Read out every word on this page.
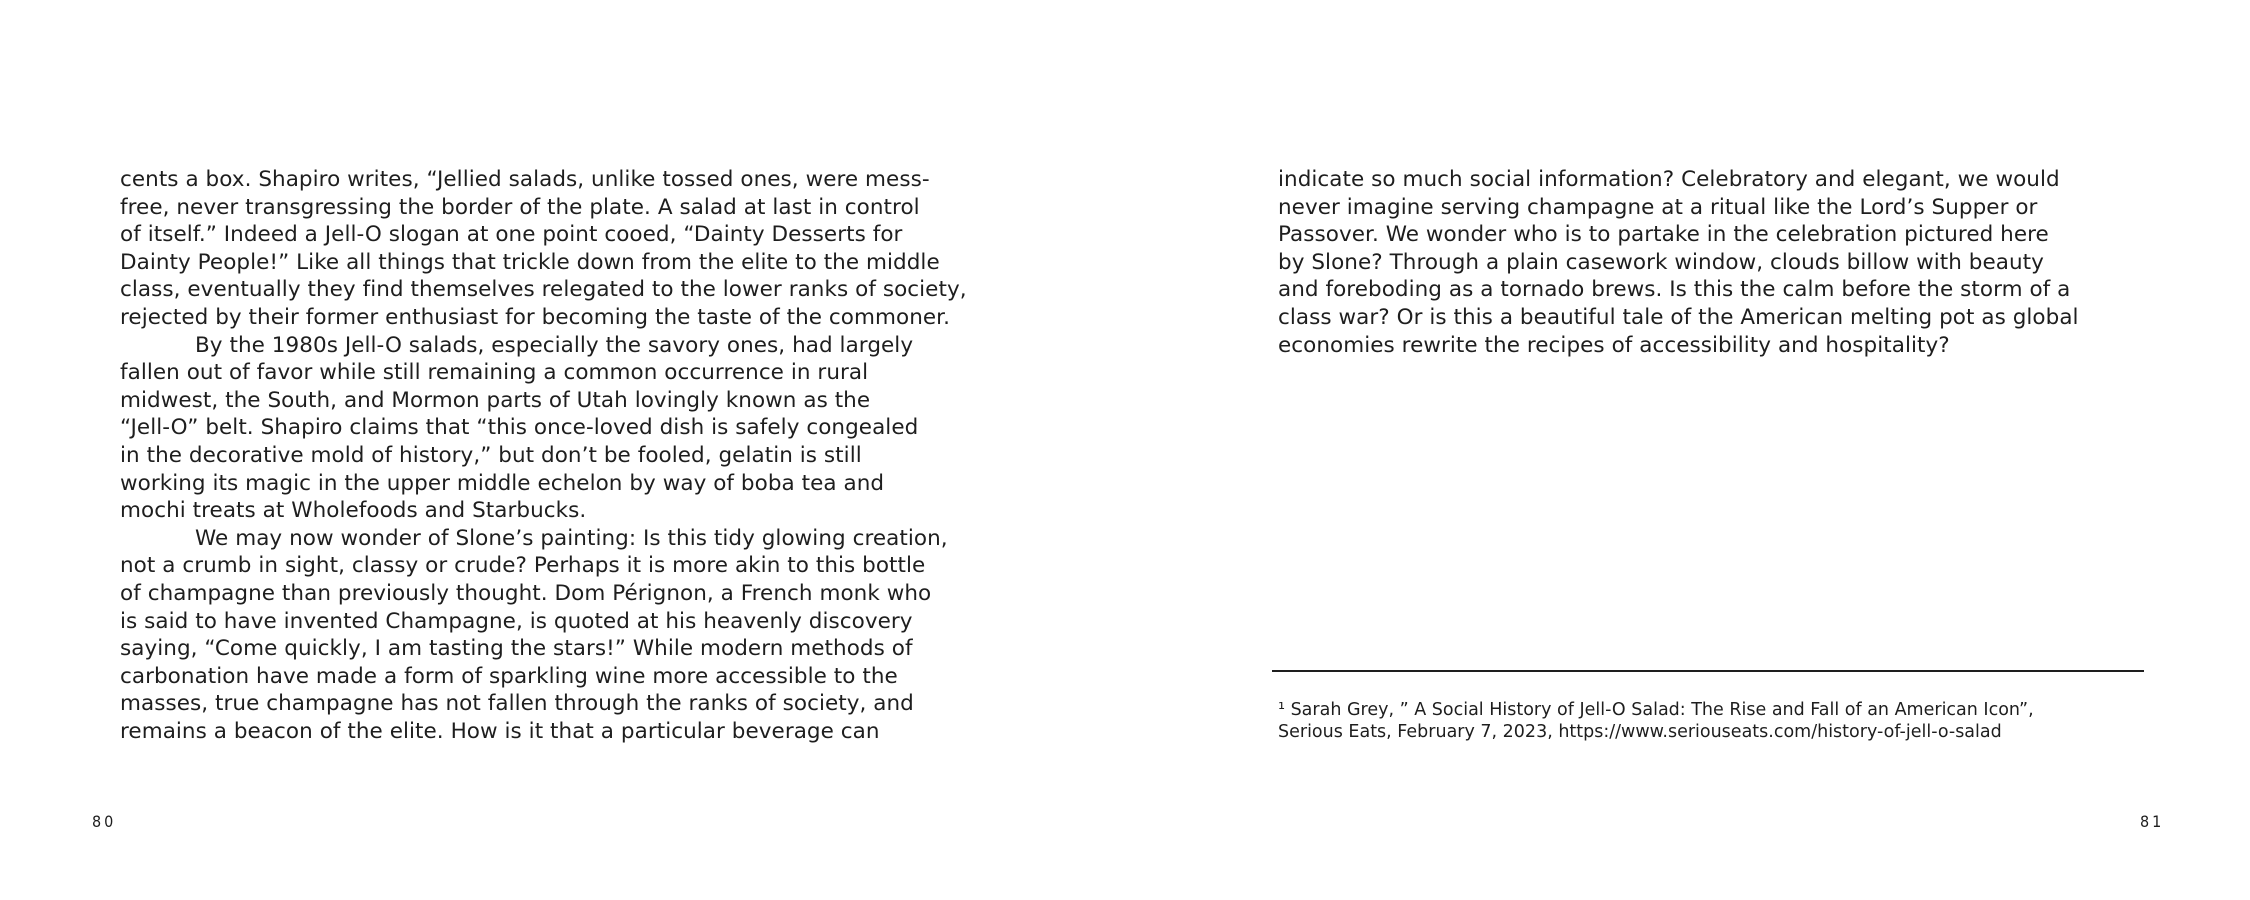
cents a box. Shapiro writes, “Jellied salads, unlike tossed ones, were mess-
free, never transgressing the border of the plate. A salad at last in control
of itself.” Indeed a Jell-O slogan at one point cooed, “Dainty Desserts for
Dainty People!” Like all things that trickle down from the elite to the middle
class, eventually they find themselves relegated to the lower ranks of society,
rejected by their former enthusiast for becoming the taste of the commoner.

By the 1980s Jell-O salads, especially the savory ones, had largely
fallen out of favor while still remaining a common occurrence in rural
midwest, the South, and Mormon parts of Utah lovingly known as the
“Jell-O” belt. Shapiro claims that “this once-loved dish is safely congealed
in the decorative mold of history,” but don’t be fooled, gelatin is still
working its magic in the upper middle echelon by way of boba tea and
mochi treats at Wholefoods and Starbucks.

We may now wonder of Slone’s painting: Is this tidy glowing creation,
not a crumb in sight, classy or crude? Perhaps it is more akin to this bottle
of champagne than previously thought. Dom Pérignon, a French monk who
is said to have invented Champagne, is quoted at his heavenly discovery
saying, “Come quickly, I am tasting the stars!” While modern methods of
carbonation have made a form of sparkling wine more accessible to the
masses, true champagne has not fallen through the ranks of society, and
remains a beacon of the elite. How is it that a particular beverage can

80

indicate so much social information? Celebratory and elegant, we would
never imagine serving champagne at a ritual like the Lord’s Supper or
Passover. We wonder who is to partake in the celebration pictured here
by Slone? Through a plain casework window, clouds billow with beauty
and foreboding as a tornado brews. Is this the calm before the storm of a
class war? Or is this a beautiful tale of the American melting pot as global
economies rewrite the recipes of accessibility and hospitality?

¹ Sarah Grey, ” A Social History of Jell-O Salad: The Rise and Fall of an American Icon”,
Serious Eats, February 7, 2023, https://www.seriouseats.com/history-of-jell-o-salad
81
